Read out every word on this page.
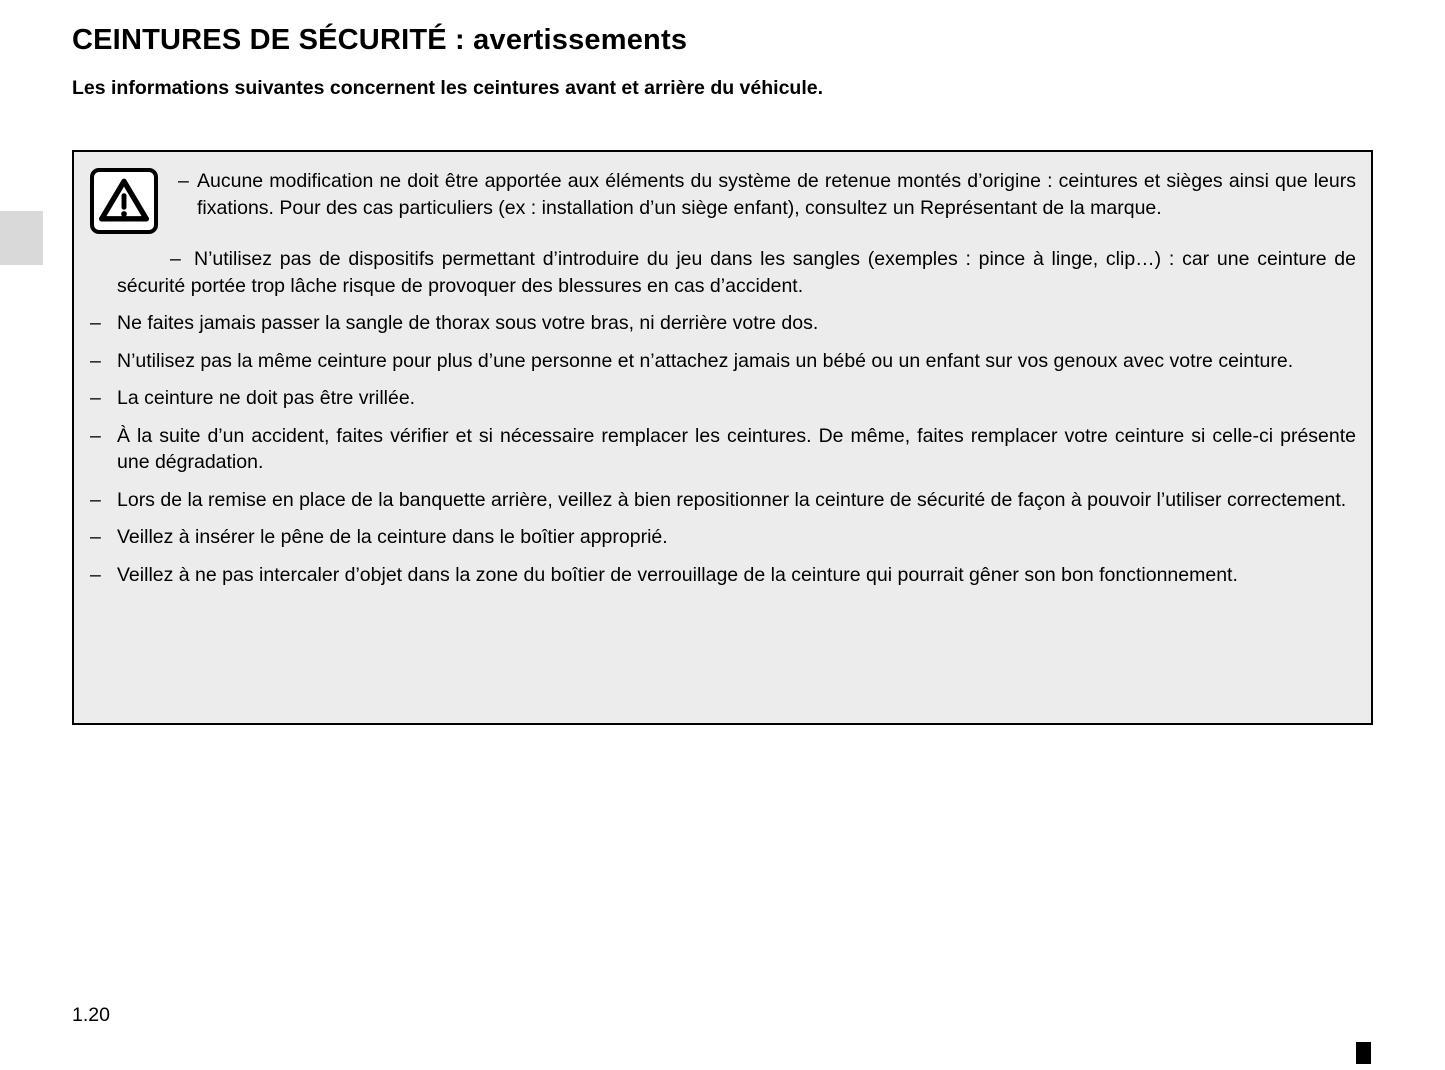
CEINTURES DE SÉCURITÉ : avertissements

Les informations suivantes concernent les ceintures avant et arrière du véhicule.

– Aucune modification ne doit être apportée aux éléments du système de retenue montés d’origine : ceintures et sièges ainsi que leurs fixations. Pour des cas particuliers (ex : installation d’un siège enfant), consultez un Représentant de la marque.

– N’utilisez pas de dispositifs permettant d’introduire du jeu dans les sangles (exemples : pince à linge, clip…) : car une ceinture de sécurité portée trop lâche risque de provoquer des blessures en cas d’accident.

– Ne faites jamais passer la sangle de thorax sous votre bras, ni derrière votre dos.

– N’utilisez pas la même ceinture pour plus d’une personne et n’attachez jamais un bébé ou un enfant sur vos genoux avec votre ceinture.

– La ceinture ne doit pas être vrillée.

– À la suite d’un accident, faites vérifier et si nécessaire remplacer les ceintures. De même, faites remplacer votre ceinture si celle-ci présente une dégradation.

– Lors de la remise en place de la banquette arrière, veillez à bien repositionner la ceinture de sécurité de façon à pouvoir l’utiliser correctement.

– Veillez à insérer le pêne de la ceinture dans le boîtier approprié.

– Veillez à ne pas intercaler d’objet dans la zone du boîtier de verrouillage de la ceinture qui pourrait gêner son bon fonctionnement.

1.20
